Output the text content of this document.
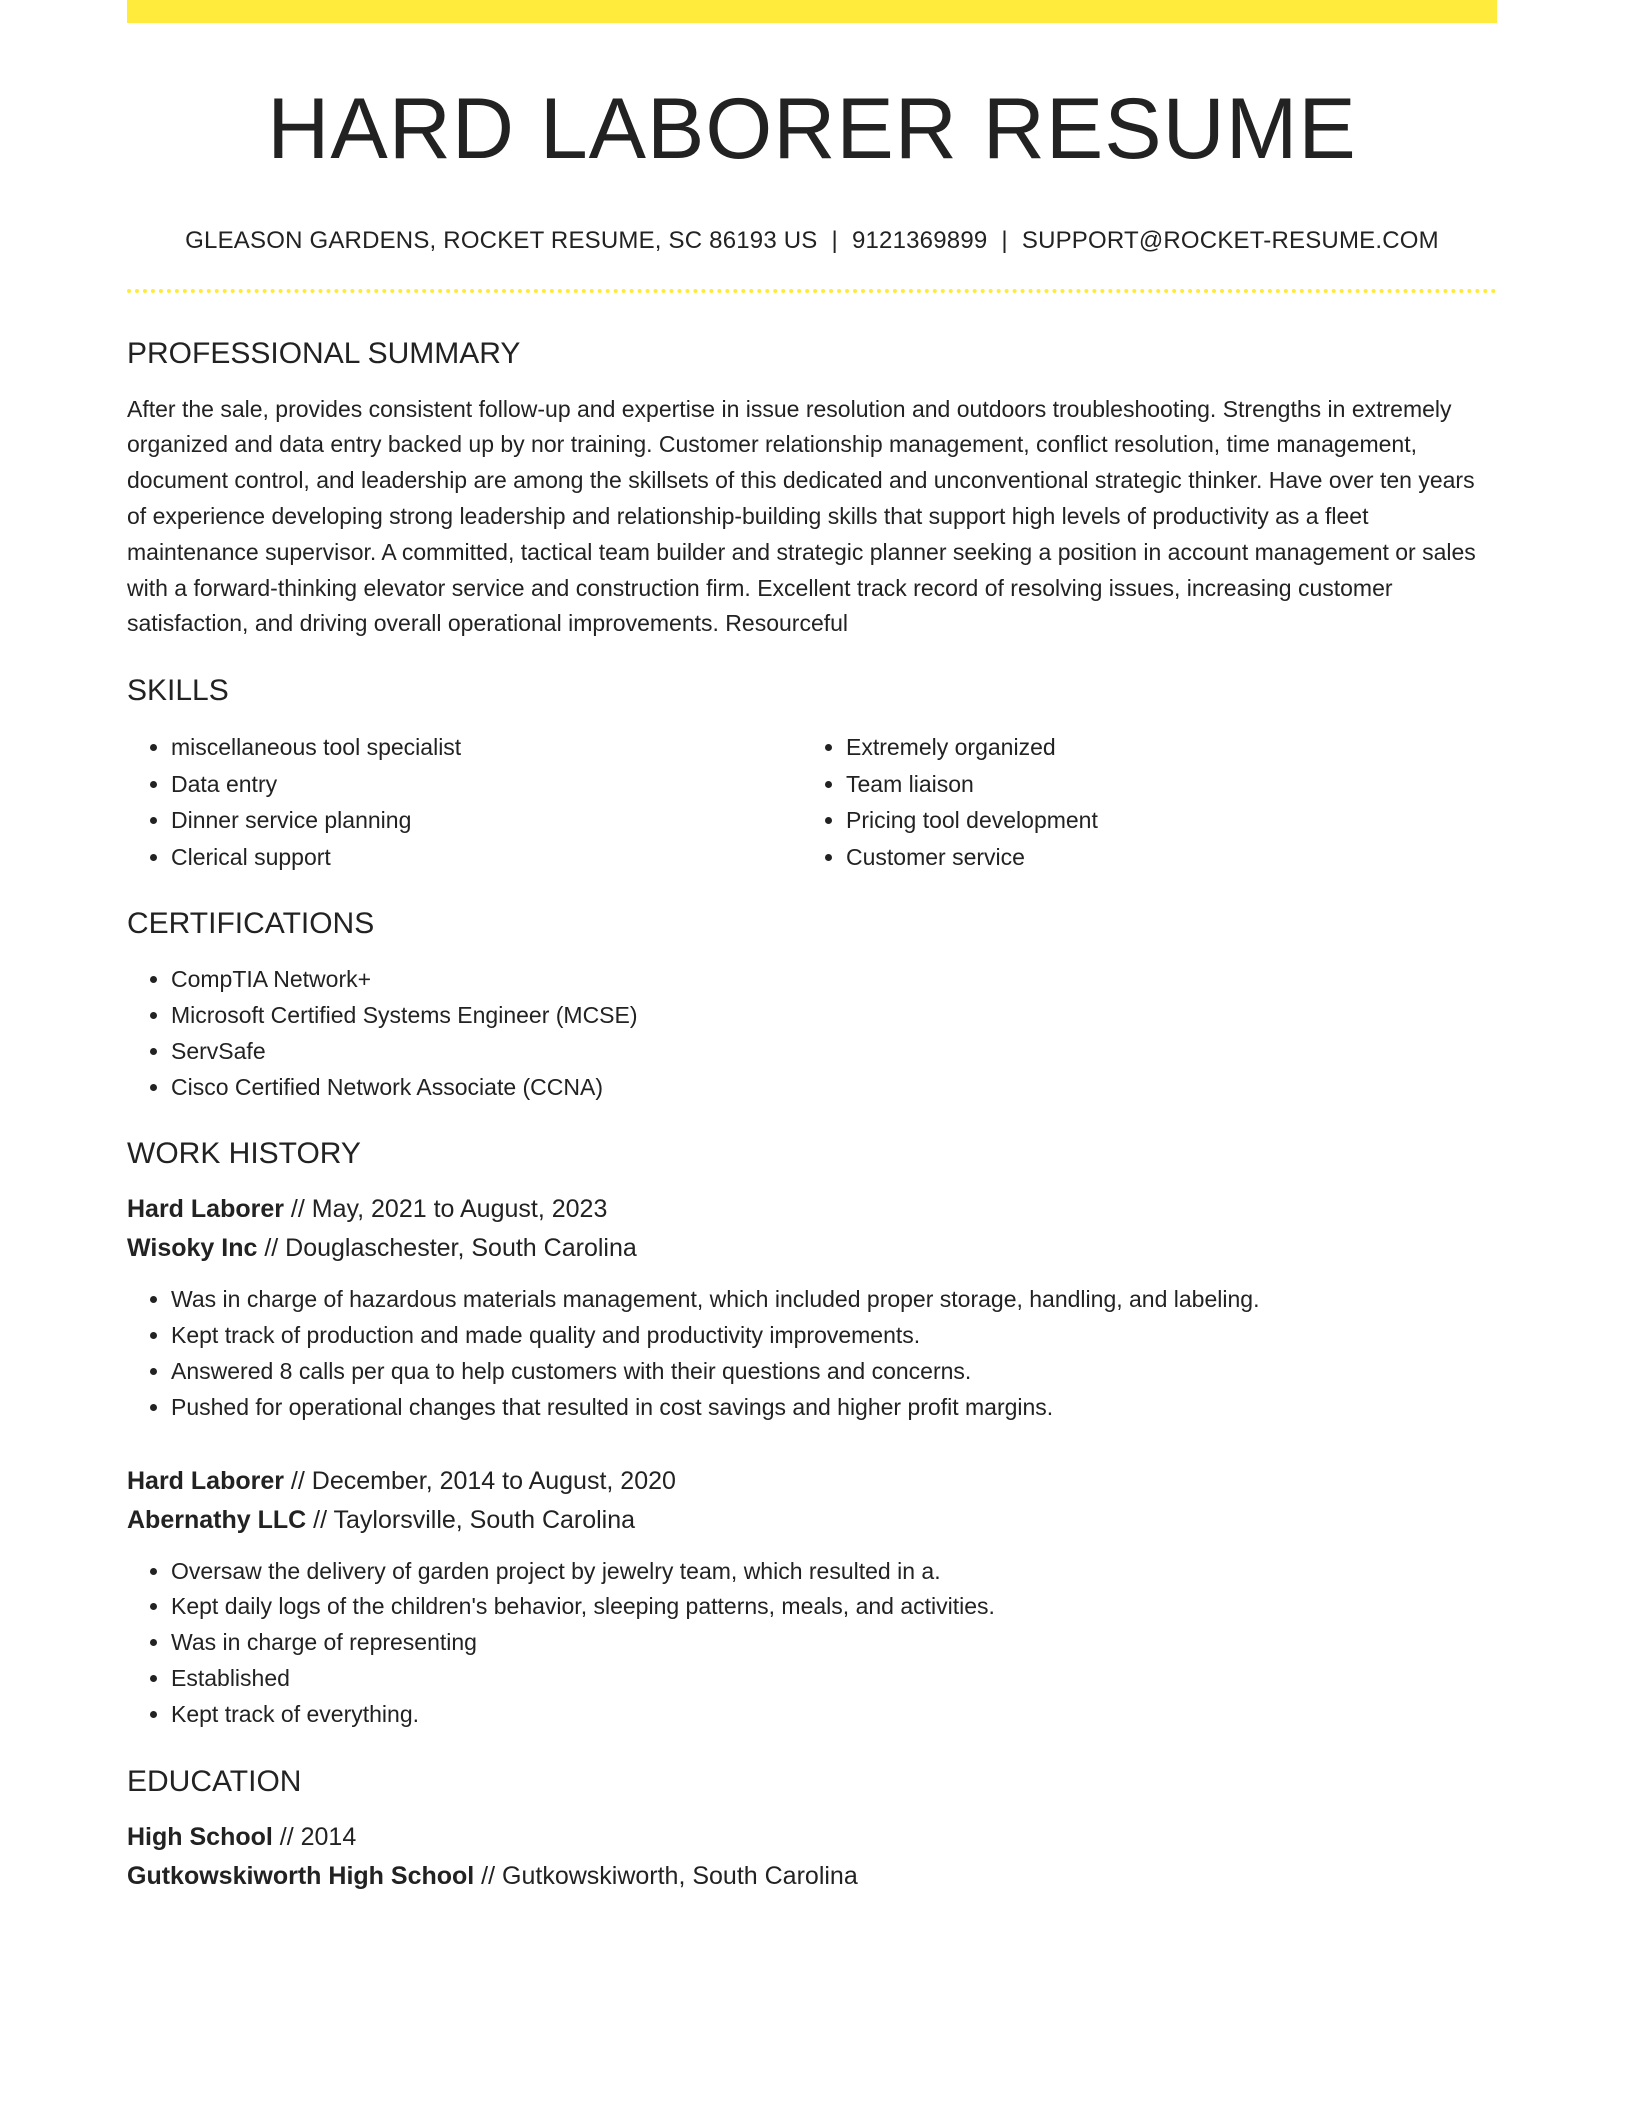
HARD LABORER RESUME
GLEASON GARDENS, ROCKET RESUME, SC 86193 US | 9121369899 | SUPPORT@ROCKET-RESUME.COM
PROFESSIONAL SUMMARY
After the sale, provides consistent follow-up and expertise in issue resolution and outdoors troubleshooting. Strengths in extremely organized and data entry backed up by nor training. Customer relationship management, conflict resolution, time management, document control, and leadership are among the skillsets of this dedicated and unconventional strategic thinker. Have over ten years of experience developing strong leadership and relationship-building skills that support high levels of productivity as a fleet maintenance supervisor. A committed, tactical team builder and strategic planner seeking a position in account management or sales with a forward-thinking elevator service and construction firm. Excellent track record of resolving issues, increasing customer satisfaction, and driving overall operational improvements. Resourceful
SKILLS
• miscellaneous tool specialist
• Data entry
• Dinner service planning
• Clerical support
• Extremely organized
• Team liaison
• Pricing tool development
• Customer service
CERTIFICATIONS
• CompTIA Network+
• Microsoft Certified Systems Engineer (MCSE)
• ServSafe
• Cisco Certified Network Associate (CCNA)
WORK HISTORY
Hard Laborer // May, 2021 to August, 2023
Wisoky Inc // Douglaschester, South Carolina
• Was in charge of hazardous materials management, which included proper storage, handling, and labeling.
• Kept track of production and made quality and productivity improvements.
• Answered 8 calls per qua to help customers with their questions and concerns.
• Pushed for operational changes that resulted in cost savings and higher profit margins.
Hard Laborer // December, 2014 to August, 2020
Abernathy LLC // Taylorsville, South Carolina
• Oversaw the delivery of garden project by jewelry team, which resulted in a.
• Kept daily logs of the children's behavior, sleeping patterns, meals, and activities.
• Was in charge of representing
• Established
• Kept track of everything.
EDUCATION
High School // 2014
Gutkowskiworth High School // Gutkowskiworth, South Carolina
